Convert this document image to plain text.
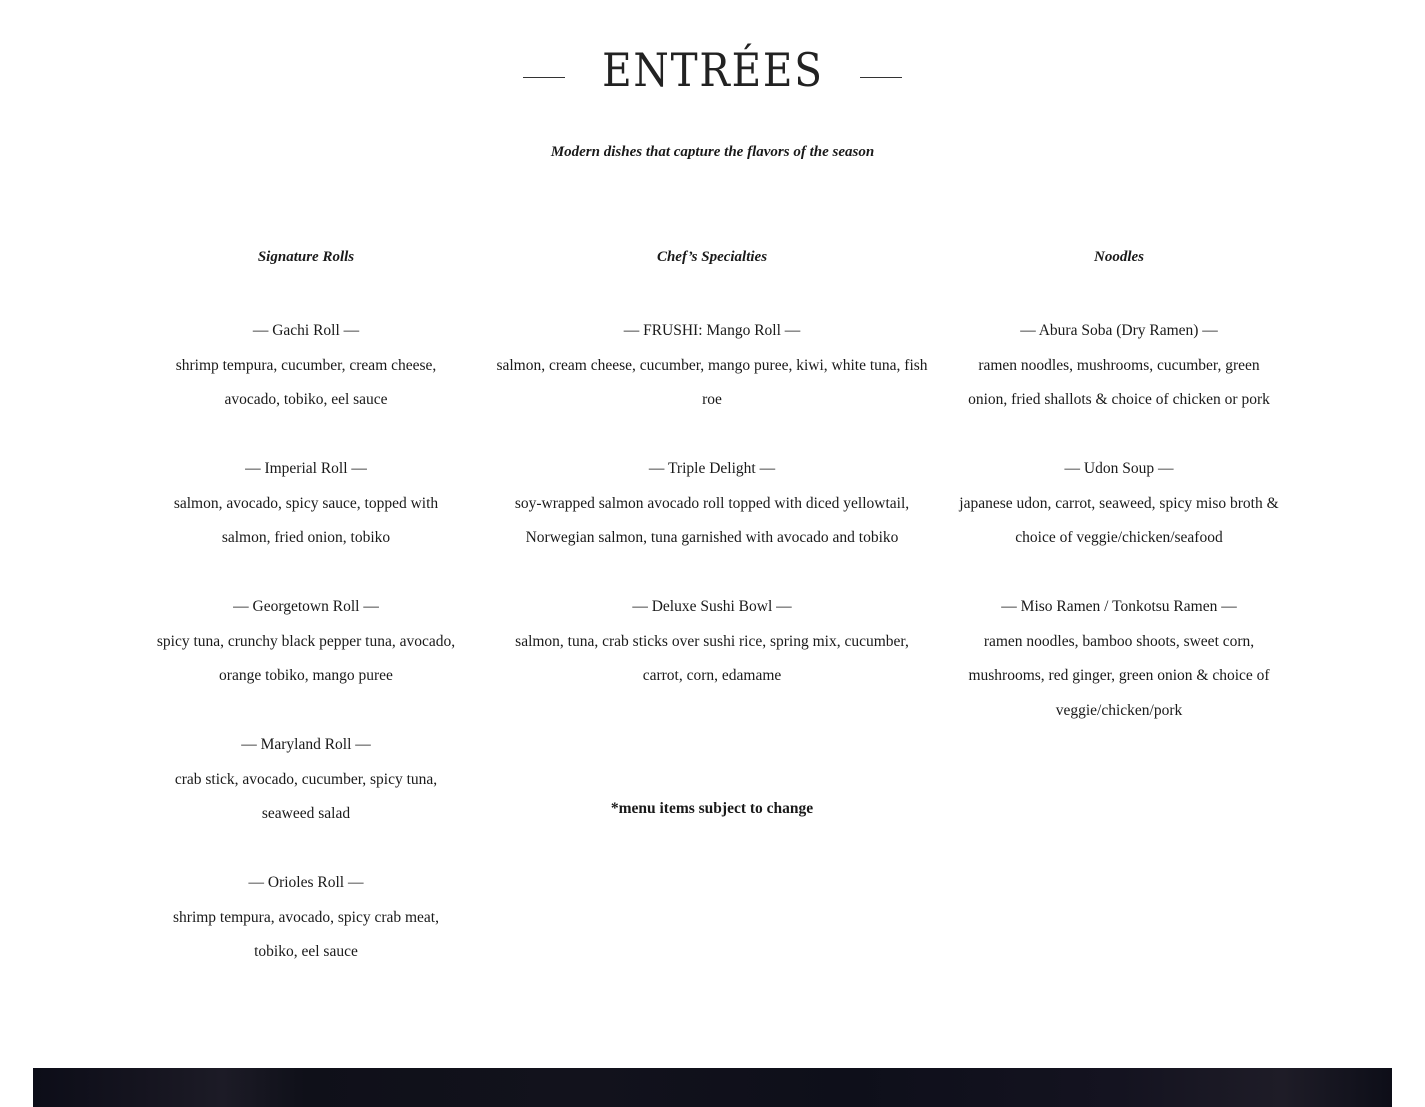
ENTRÉES
Modern dishes that capture the flavors of the season
Signature Rolls
— Gachi Roll —
shrimp tempura, cucumber, cream cheese, avocado, tobiko, eel sauce
— Imperial Roll —
salmon, avocado, spicy sauce, topped with salmon, fried onion, tobiko
— Georgetown Roll —
spicy tuna, crunchy black pepper tuna, avocado, orange tobiko, mango puree
— Maryland Roll —
crab stick, avocado, cucumber, spicy tuna, seaweed salad
— Orioles Roll —
shrimp tempura, avocado, spicy crab meat, tobiko, eel sauce
Chef’s Specialties
— FRUSHI: Mango Roll —
salmon, cream cheese, cucumber, mango puree, kiwi, white tuna, fish roe
— Triple Delight —
soy-wrapped salmon avocado roll topped with diced yellowtail, Norwegian salmon, tuna garnished with avocado and tobiko
— Deluxe Sushi Bowl —
salmon, tuna, crab sticks over sushi rice, spring mix, cucumber, carrot, corn, edamame
*menu items subject to change
Noodles
— Abura Soba (Dry Ramen) —
ramen noodles, mushrooms, cucumber, green onion, fried shallots & choice of chicken or pork
— Udon Soup —
japanese udon, carrot, seaweed, spicy miso broth & choice of veggie/chicken/seafood
— Miso Ramen / Tonkotsu Ramen —
ramen noodles, bamboo shoots, sweet corn, mushrooms, red ginger, green onion & choice of veggie/chicken/pork
